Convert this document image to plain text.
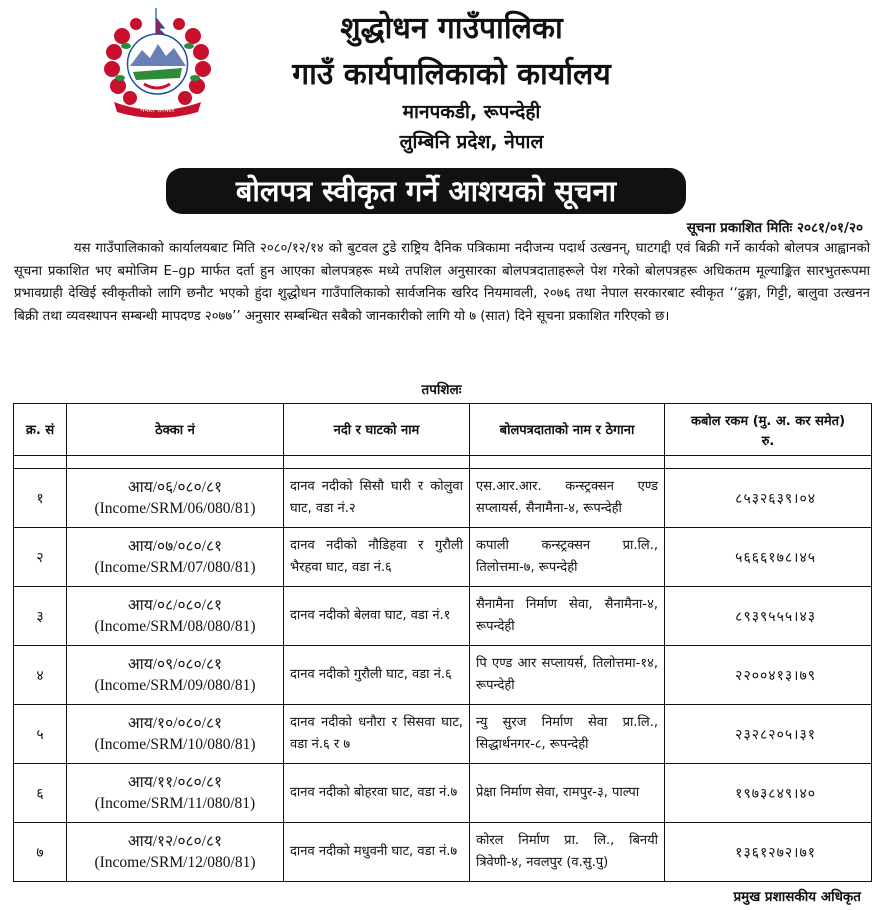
नेपाल सरकार
शुद्धोधन गाउँपालिका
गाउँ कार्यपालिकाको कार्यालय
मानपकडी, रूपन्देही
लुम्बिनि प्रदेश, नेपाल
बोलपत्र स्वीकृत गर्ने आशयको सूचना
सूचना प्रकाशित मितिः २०८१/०१/२०
यस गाउँपालिकाको कार्यालयबाट मिति २०८०/१२/१४ को बुटवल टुडे राष्ट्रिय दैनिक पत्रिकामा नदीजन्य पदार्थ उत्खनन्, घाटगद्दी एवं बिक्री गर्ने कार्यको बोलपत्र आह्वानको सूचना प्रकाशित भए बमोजिम E–gp मार्फत दर्ता हुन आएका बोलपत्रहरू मध्ये तपशिल अनुसारका बोलपत्रदाताहरूले पेश गरेको बोलपत्रहरू अधिकतम मूल्याङ्कित सारभुतरूपमा प्रभावग्राही देखिई स्वीकृतीको लागि छनौट भएको हुंदा शुद्धोधन गाउँपालिकाको सार्वजनिक खरिद नियमावली, २०७६ तथा नेपाल सरकारबाट स्वीकृत ‘‘ढुङ्गा, गिट्टी, बालुवा उत्खनन बिक्री तथा व्यवस्थापन सम्बन्धी मापदण्ड २०७७’’ अनुसार सम्बन्धित सबैको जानकारीको लागि यो ७ (सात) दिने सूचना प्रकाशित गरिएको छ।
तपशिलः
क्र. सं	ठेक्का नं	नदी र घाटको नाम	बोलपत्रदाताको नाम र ठेगाना	कबोल रकम (मु. अ. कर समेत)
रु.

१	आय/०६/०८०/८१
(Income/SRM/06/080/81)	दानव नदीको सिसौ घारी र कोलुवा घाट, वडा नं.२	एस.आर.आर. कन्स्ट्रक्सन एण्ड सप्लायर्स, सैनामैना-४, रूपन्देही	८५३२६३९।०४
२	आय/०७/०८०/८१
(Income/SRM/07/080/81)	दानव नदीको नौडिहवा र गुरौली भैरहवा घाट, वडा नं.६	कपाली कन्स्ट्रक्सन प्रा.लि., तिलोत्तमा-७, रूपन्देही	५६६६१७८।४५
३	आय/०८/०८०/८१
(Income/SRM/08/080/81)	दानव नदीको बेलवा घाट, वडा नं.१	सैनामैना निर्माण सेवा, सैनामैना-४, रूपन्देही	८९३९५५५।४३
४	आय/०९/०८०/८१
(Income/SRM/09/080/81)	दानव नदीको गुरौली घाट, वडा नं.६	पि एण्ड आर सप्लायर्स, तिलोत्तमा-१४, रूपन्देही	२२००४१३।७९
५	आय/१०/०८०/८१
(Income/SRM/10/080/81)	दानव नदीको धनौरा र सिसवा घाट, वडा नं.६ र ७	न्यु सुरज निर्माण सेवा प्रा.लि., सिद्धार्थनगर-८, रूपन्देही	२३२८२०५।३१
६	आय/११/०८०/८१
(Income/SRM/11/080/81)	दानव नदीको बोहरवा घाट, वडा नं.७	प्रेक्षा निर्माण सेवा, रामपुर-३, पाल्पा	१९७३८४९।४०
७	आय/१२/०८०/८१
(Income/SRM/12/080/81)	दानव नदीको मधुवनी घाट, वडा नं.७	कोरल निर्माण प्रा. लि., बिनयी त्रिवेणी-४, नवलपुर (व.सु.पु)	१३६१२७२।७१
प्रमुख प्रशासकीय अधिकृत
